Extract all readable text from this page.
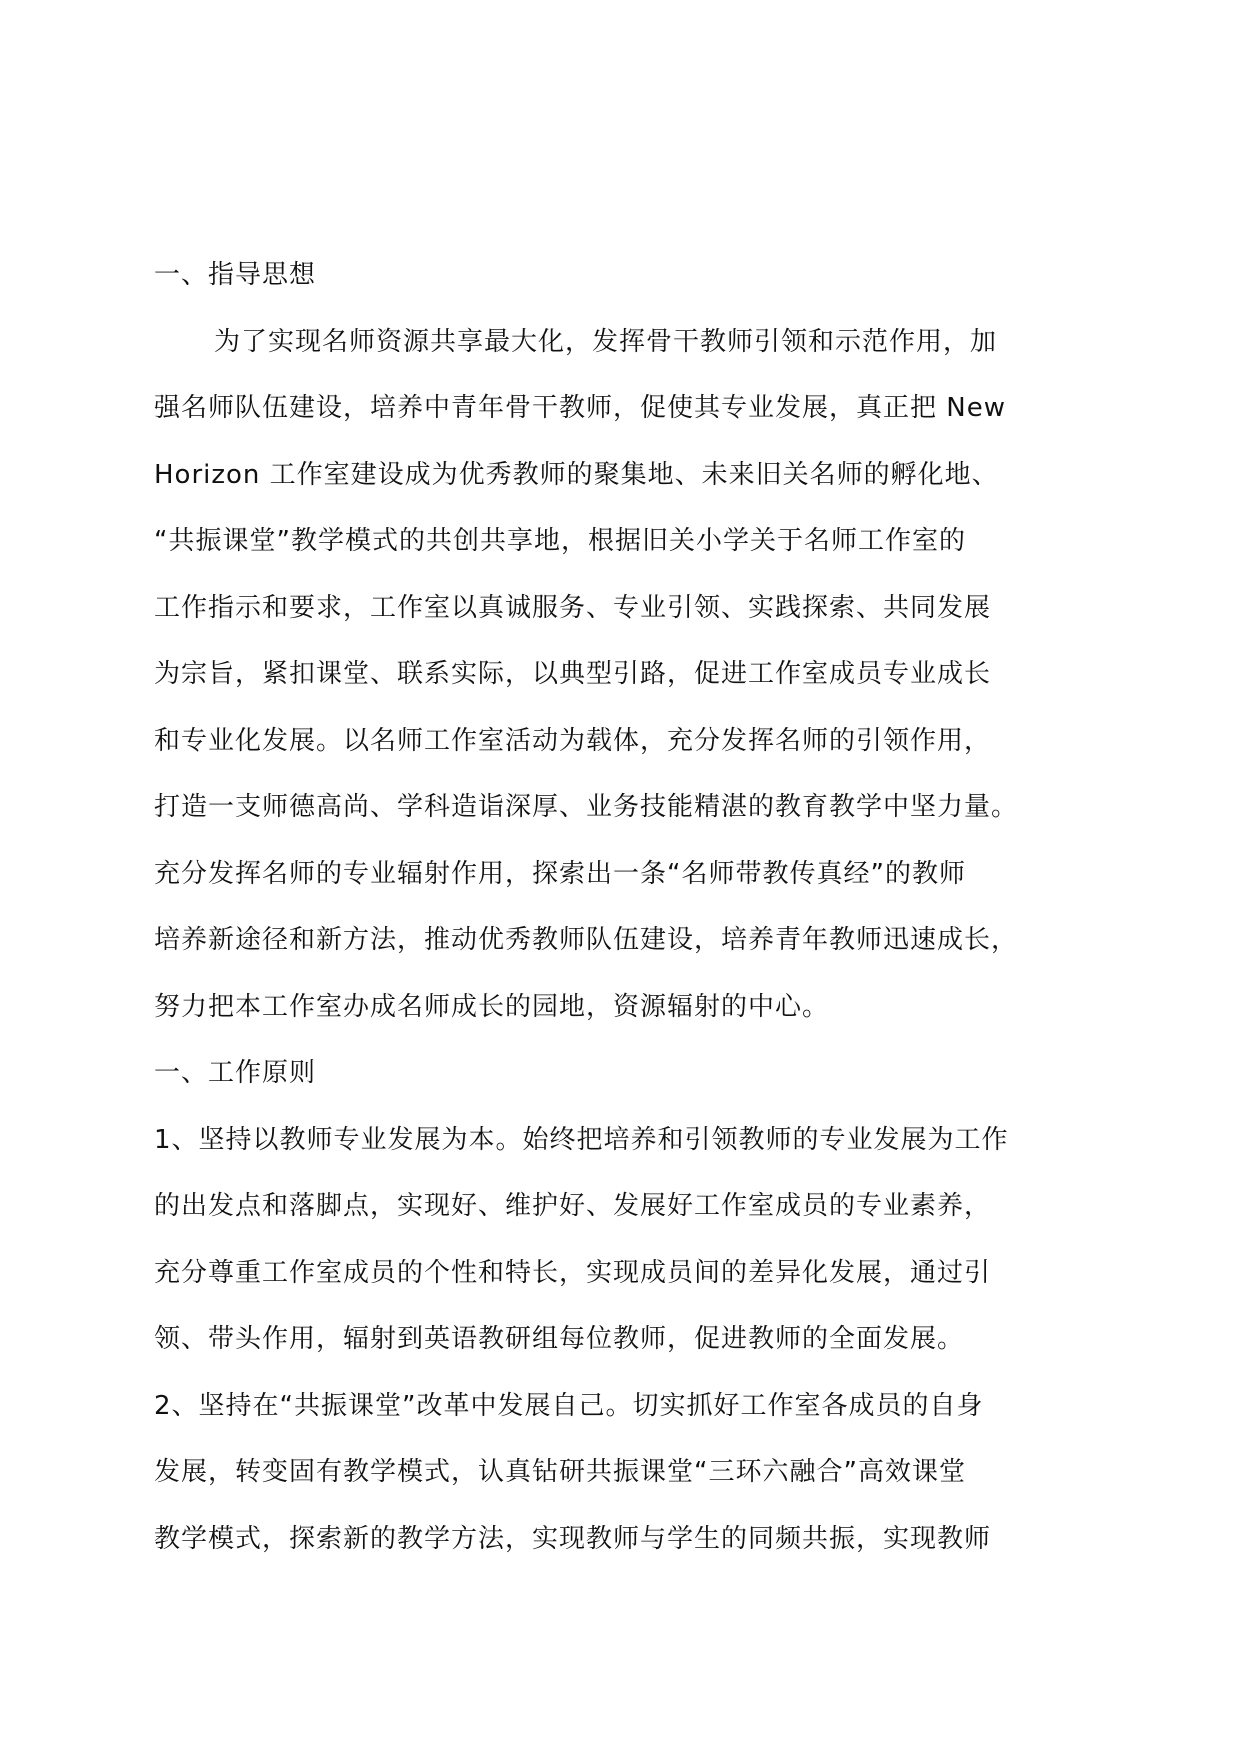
一、指导思想
为了实现名师资源共享最大化，发挥骨干教师引领和示范作用，加
强名师队伍建设，培养中青年骨干教师，促使其专业发展，真正把 New
Horizon 工作室建设成为优秀教师的聚集地、未来旧关名师的孵化地、
“共振课堂”教学模式的共创共享地，根据旧关小学关于名师工作室的
工作指示和要求，工作室以真诚服务、专业引领、实践探索、共同发展
为宗旨，紧扣课堂、联系实际，以典型引路，促进工作室成员专业成长
和专业化发展。以名师工作室活动为载体，充分发挥名师的引领作用，
打造一支师德高尚、学科造诣深厚、业务技能精湛的教育教学中坚力量。
充分发挥名师的专业辐射作用，探索出一条“名师带教传真经”的教师
培养新途径和新方法，推动优秀教师队伍建设，培养青年教师迅速成长，
努力把本工作室办成名师成长的园地，资源辐射的中心。
一、工作原则
1、坚持以教师专业发展为本。始终把培养和引领教师的专业发展为工作
的出发点和落脚点，实现好、维护好、发展好工作室成员的专业素养，
充分尊重工作室成员的个性和特长，实现成员间的差异化发展，通过引
领、带头作用，辐射到英语教研组每位教师，促进教师的全面发展。
2、坚持在“共振课堂”改革中发展自己。切实抓好工作室各成员的自身
发展，转变固有教学模式，认真钻研共振课堂“三环六融合”高效课堂
教学模式，探索新的教学方法，实现教师与学生的同频共振，实现教师
